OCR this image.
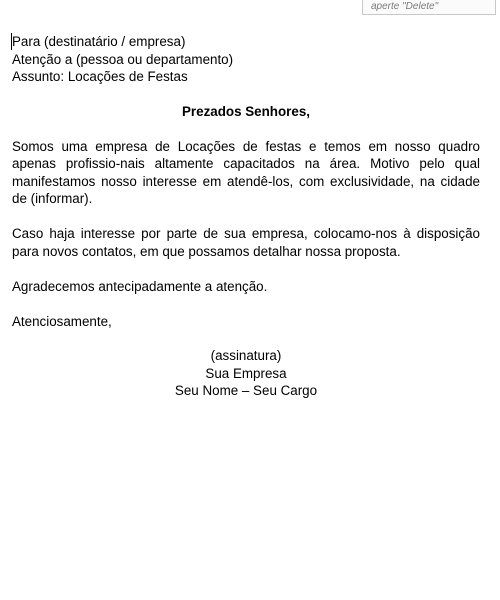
aperte "Delete"

Para (destinatário / empresa)

Atenção a (pessoa ou departamento)

Assunto: Locações de Festas

Prezados Senhores,

Somos uma empresa de Locações de festas e temos em nosso quadro apenas profissio-nais altamente capacitados na área. Motivo pelo qual manifestamos nosso interesse em atendê-los, com exclusividade, na cidade de (informar).

Caso haja interesse por parte de sua empresa, colocamo-nos à disposição para novos contatos, em que possamos detalhar nossa proposta.

Agradecemos antecipadamente a atenção.

Atenciosamente,

(assinatura)
Sua Empresa
Seu Nome – Seu Cargo
